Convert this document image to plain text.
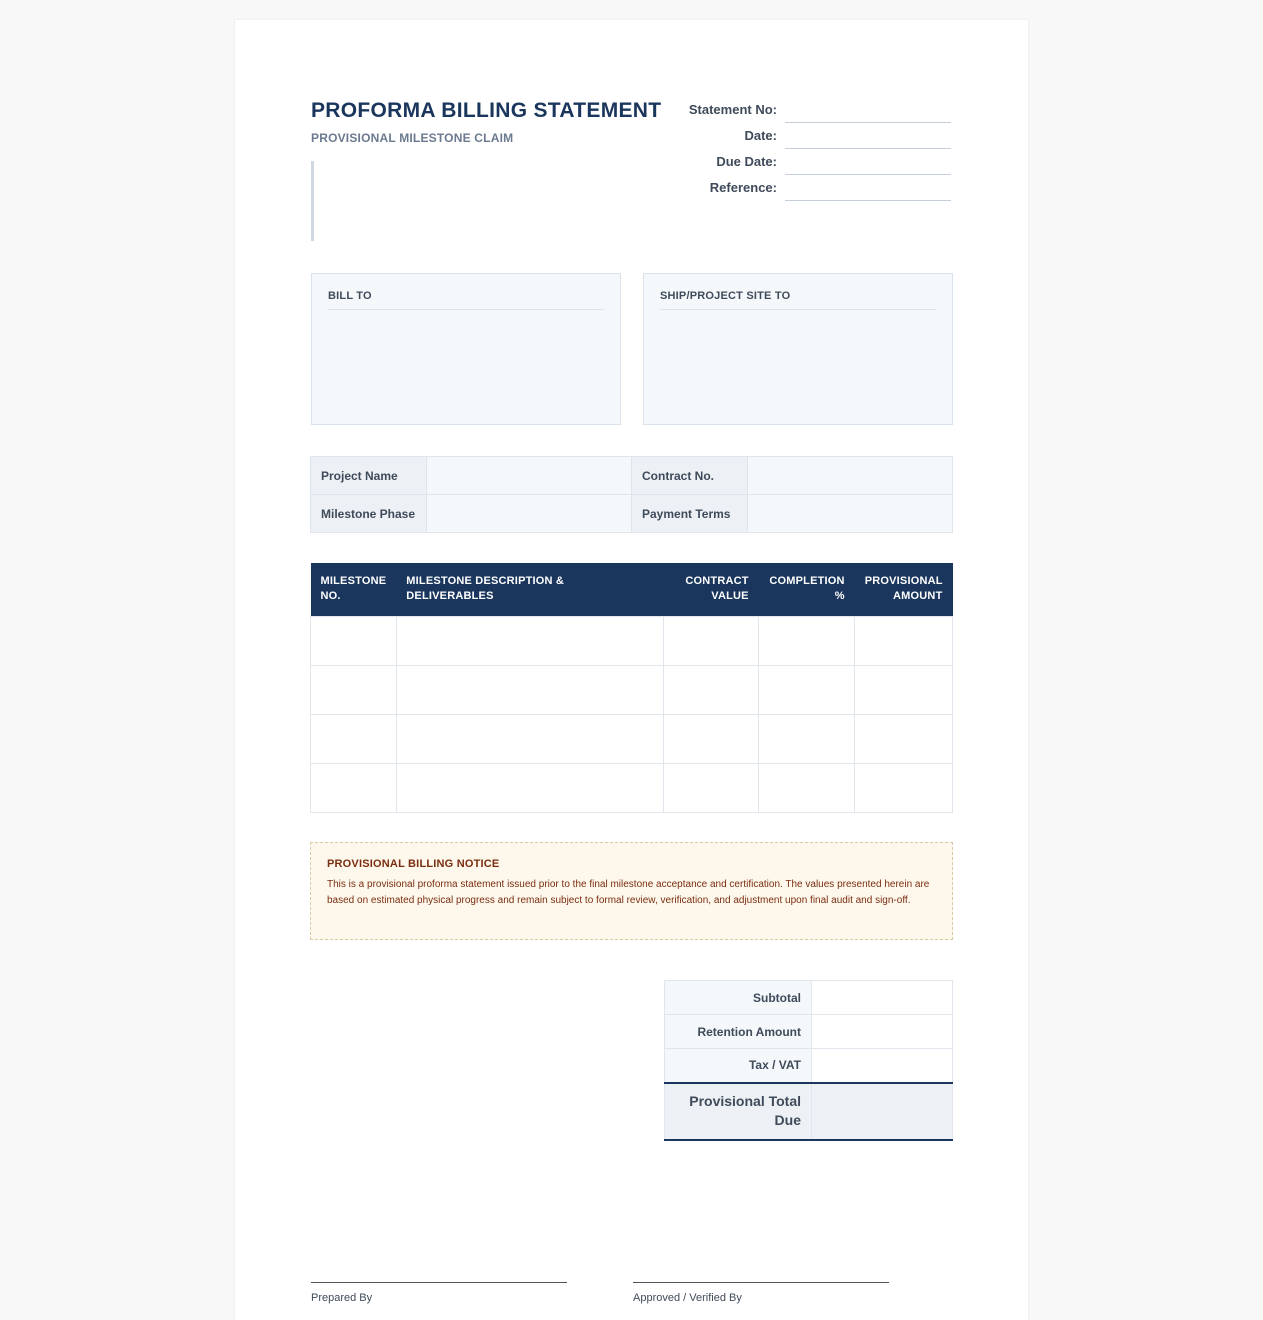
PROFORMA BILLING STATEMENT
PROVISIONAL MILESTONE CLAIM
Statement No:
Date:
Due Date:
Reference:
BILL TO	SHIP/PROJECT SITE TO
Project Name		Contract No.	
Milestone Phase		Payment Terms	
MILESTONE NO.	MILESTONE DESCRIPTION & DELIVERABLES	CONTRACT VALUE	COMPLETION %	PROVISIONAL AMOUNT

PROVISIONAL BILLING NOTICE
This is a provisional proforma statement issued prior to the final milestone acceptance and certification. The values presented herein are based on estimated physical progress and remain subject to formal review, verification, and adjustment upon final audit and sign-off.
Subtotal	
Retention Amount	
Tax / VAT	
Provisional Total Due	
Prepared By	Approved / Verified By
